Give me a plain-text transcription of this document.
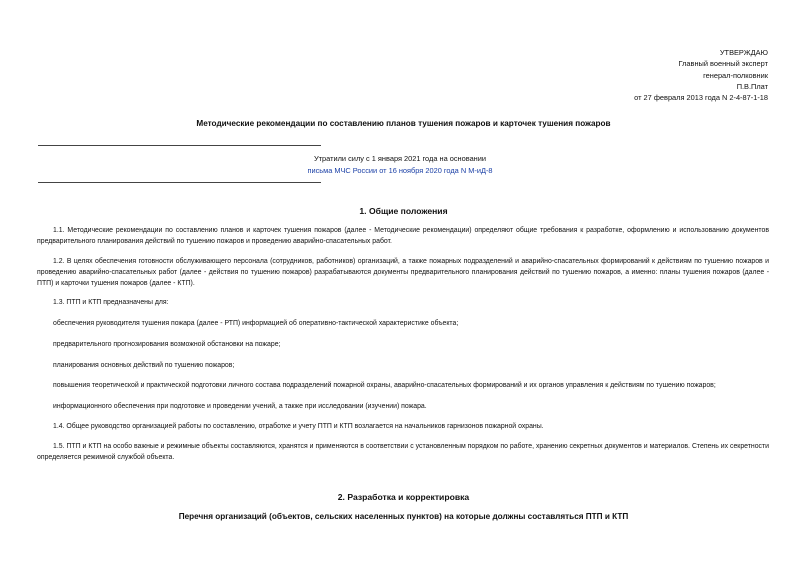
УТВЕРЖДАЮ
Главный военный эксперт
генерал-полковник
П.В.Плат
от 27 февраля 2013 года N 2-4-87-1-18
Методические рекомендации по составлению планов тушения пожаров и карточек тушения пожаров
Утратили силу с 1 января 2021 года на основании
письма МЧС России от 16 ноября 2020 года N М-иД-8
1. Общие положения
1.1. Методические рекомендации по составлению планов и карточек тушения пожаров (далее - Методические рекомендации) определяют общие требования к разработке, оформлению и использованию документов предварительного планирования действий по тушению пожаров и проведению аварийно-спасательных работ.
1.2. В целях обеспечения готовности обслуживающего персонала (сотрудников, работников) организаций, а также пожарных подразделений и аварийно-спасательных формирований к действиям по тушению пожаров и проведению аварийно-спасательных работ (далее - действия по тушению пожаров) разрабатываются документы предварительного планирования действий по тушению пожаров, а именно: планы тушения пожаров (далее - ПТП) и карточки тушения пожаров (далее - КТП).
1.3. ПТП и КТП предназначены для:
обеспечения руководителя тушения пожара (далее - РТП) информацией об оперативно-тактической характеристике объекта;
предварительного прогнозирования возможной обстановки на пожаре;
планирования основных действий по тушению пожаров;
повышения теоретической и практической подготовки личного состава подразделений пожарной охраны, аварийно-спасательных формирований и их органов управления к действиям по тушению пожаров;
информационного обеспечения при подготовке и проведении учений, а также при исследовании (изучении) пожара.
1.4. Общее руководство организацией работы по составлению, отработке и учету ПТП и КТП возлагается на начальников гарнизонов пожарной охраны.
1.5. ПТП и КТП на особо важные и режимные объекты составляются, хранятся и применяются в соответствии с установленным порядком по работе, хранению секретных документов и материалов. Степень их секретности определяется режимной службой объекта.
2. Разработка и корректировка
Перечня организаций (объектов, сельских населенных пунктов) на которые должны составляться ПТП и КТП
